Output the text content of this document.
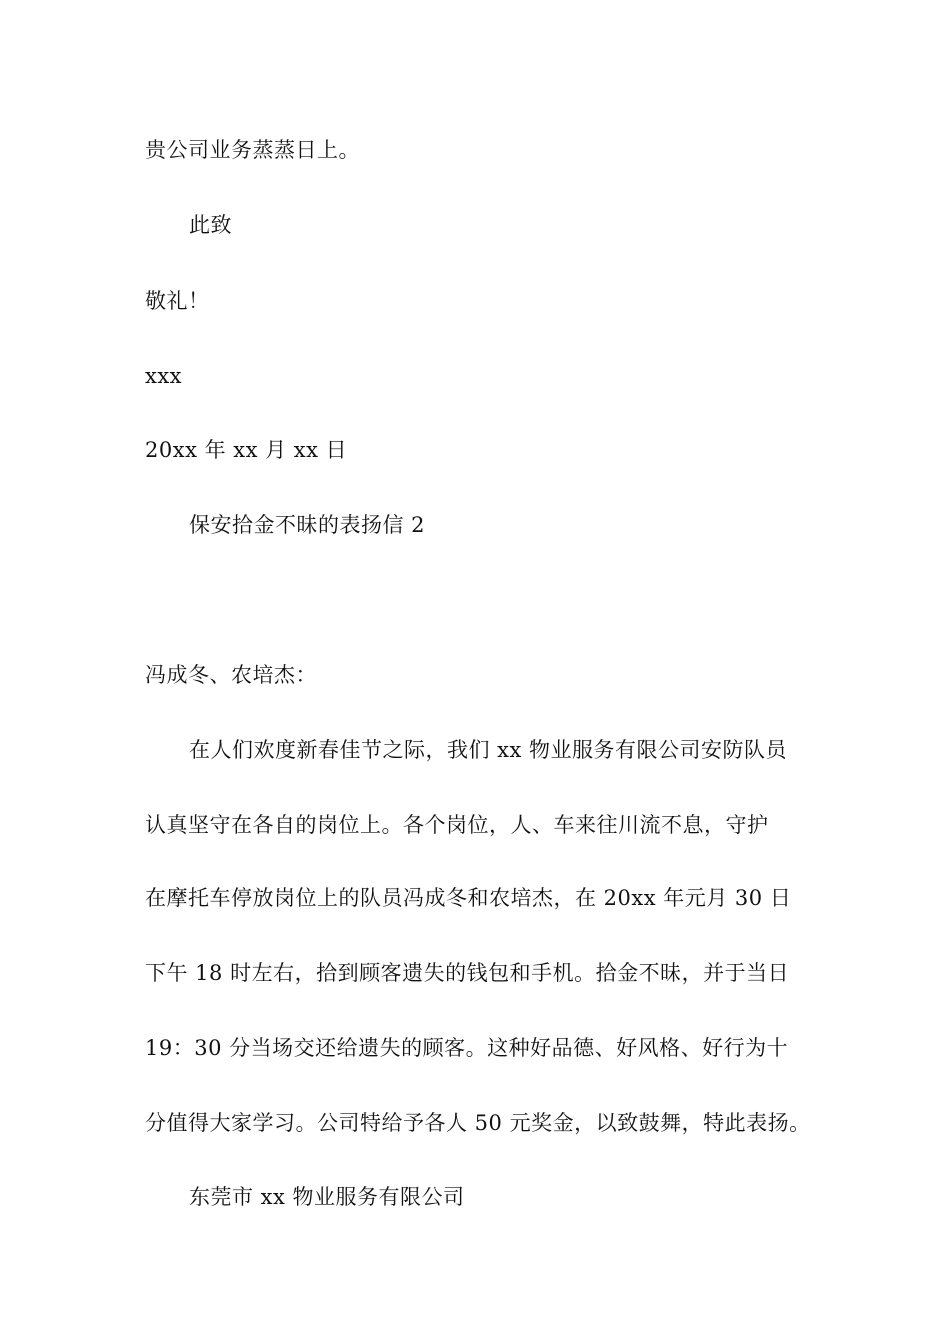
贵公司业务蒸蒸日上。
此致
敬礼！
xxx
20xx 年 xx 月 xx 日
保安拾金不昧的表扬信 2
冯成冬、农培杰：
在人们欢度新春佳节之际，我们 xx 物业服务有限公司安防队员
认真坚守在各自的岗位上。各个岗位，人、车来往川流不息，守护
在摩托车停放岗位上的队员冯成冬和农培杰，在 20xx 年元月 30 日
下午 18 时左右，拾到顾客遗失的钱包和手机。拾金不昧，并于当日
19：30 分当场交还给遗失的顾客。这种好品德、好风格、好行为十
分值得大家学习。公司特给予各人 50 元奖金，以致鼓舞，特此表扬。
东莞市 xx 物业服务有限公司
